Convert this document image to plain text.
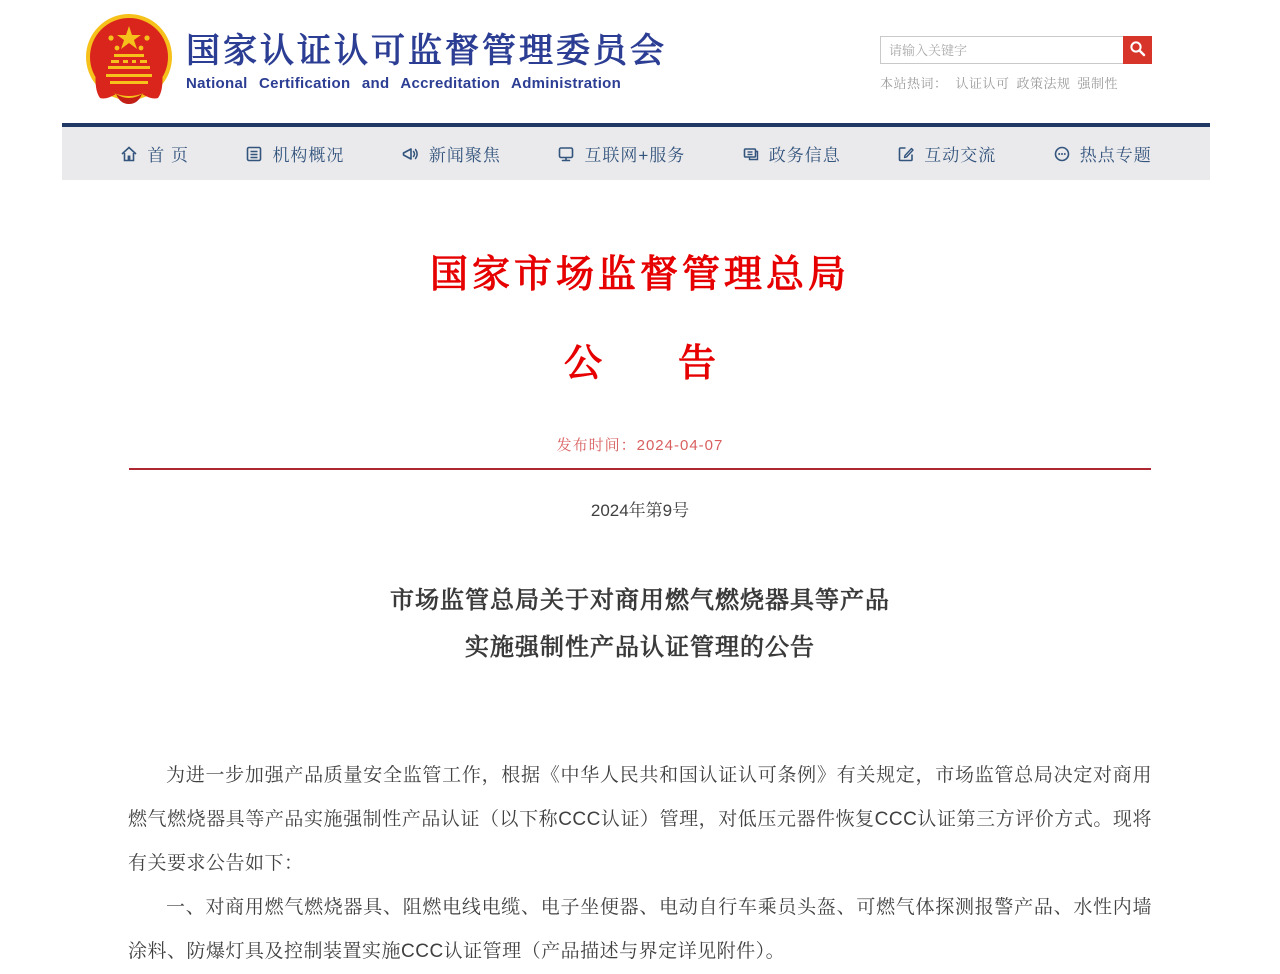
国家认证认可监督管理委员会
National Certification and Accreditation Administration
请输入关键字	本站热词： 认证认可 政策法规 强制性
首 页	机构概况	新闻聚焦	互联网+服务	政务信息	互动交流	热点专题
国家市场监督管理总局
公　　告
发布时间：2024-04-07
2024年第9号
市场监管总局关于对商用燃气燃烧器具等产品
实施强制性产品认证管理的公告

为进一步加强产品质量安全监管工作，根据《中华人民共和国认证认可条例》有关规定，市场监管总局决定对商用燃气燃烧器具等产品实施强制性产品认证（以下称CCC认证）管理，对低压元器件恢复CCC认证第三方评价方式。现将有关要求公告如下：

一、对商用燃气燃烧器具、阻燃电线电缆、电子坐便器、电动自行车乘员头盔、可燃气体探测报警产品、水性内墙涂料、防爆灯具及控制装置实施CCC认证管理（产品描述与界定详见附件）。
